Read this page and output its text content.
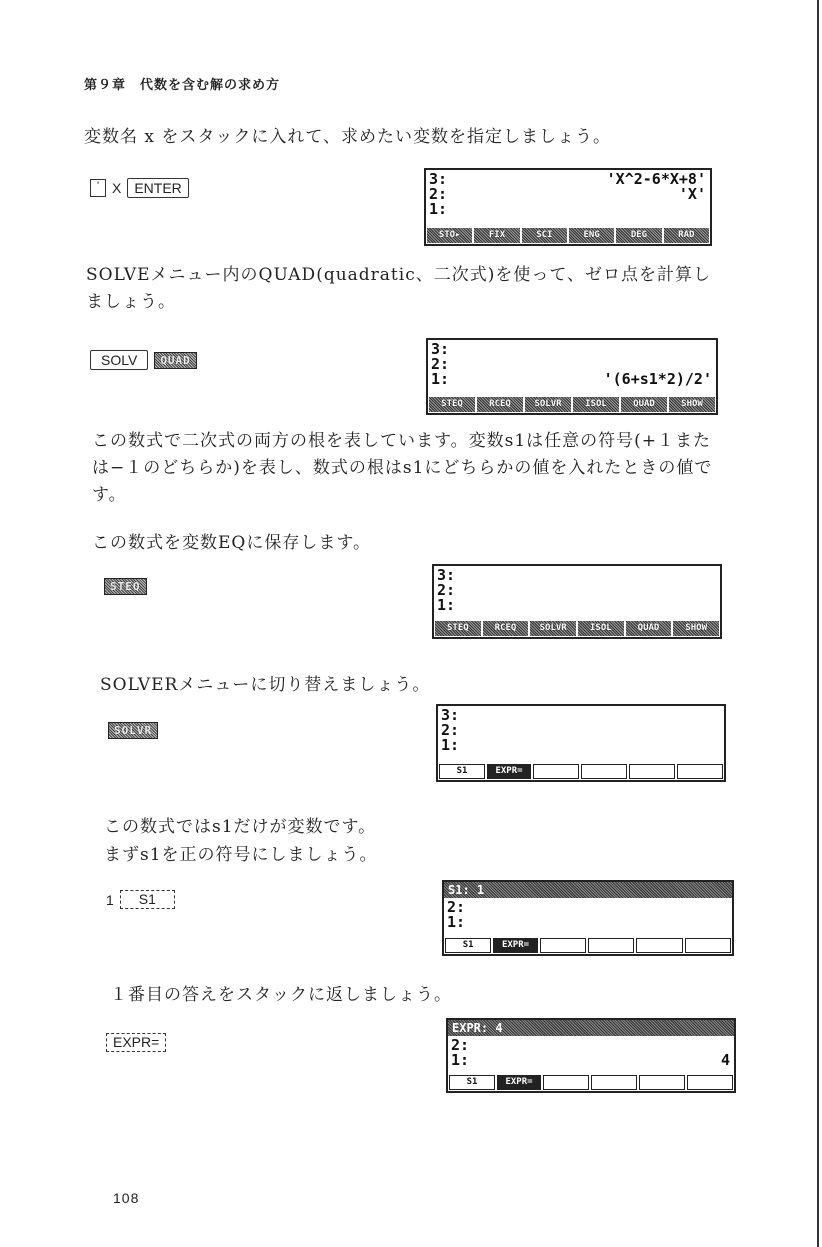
第９章　代数を含む解の求め方
変数名 x をスタックに入れて、求めたい変数を指定しましょう。
' X ENTER	3:	'X^2-6*X+8'
2:	'X'
1:
STO▸	FIX	SCI	ENG	DEG	RAD
SOLVEメニュー内のQUAD(quadratic、二次式)を使って、ゼロ点を計算しましょう。
SOLV	QUAD
3:
2:
1:	'(6+s1*2)/2'
STEQ	RCEQ	SOLVR	ISOL	QUAD	SHOW
この数式で二次式の両方の根を表しています。変数s1は任意の符号(+１または−１のどちらか)を表し、数式の根はs1にどちらかの値を入れたときの値です。
この数式を変数EQに保存します。
STEQ
3:
2:
1:
STEQ	RCEQ	SOLVR	ISOL	QUAD	SHOW
SOLVERメニューに切り替えましょう。
SOLVR
3:
2:
1:
S1	EXPR=
この数式ではs1だけが変数です。
まずs1を正の符号にしましょう。
1	S1
S1: 1
2:
1:
S1	EXPR=
１番目の答えをスタックに返しましょう。
EXPR=
EXPR: 4
2:
1:	4
S1	EXPR=
108
